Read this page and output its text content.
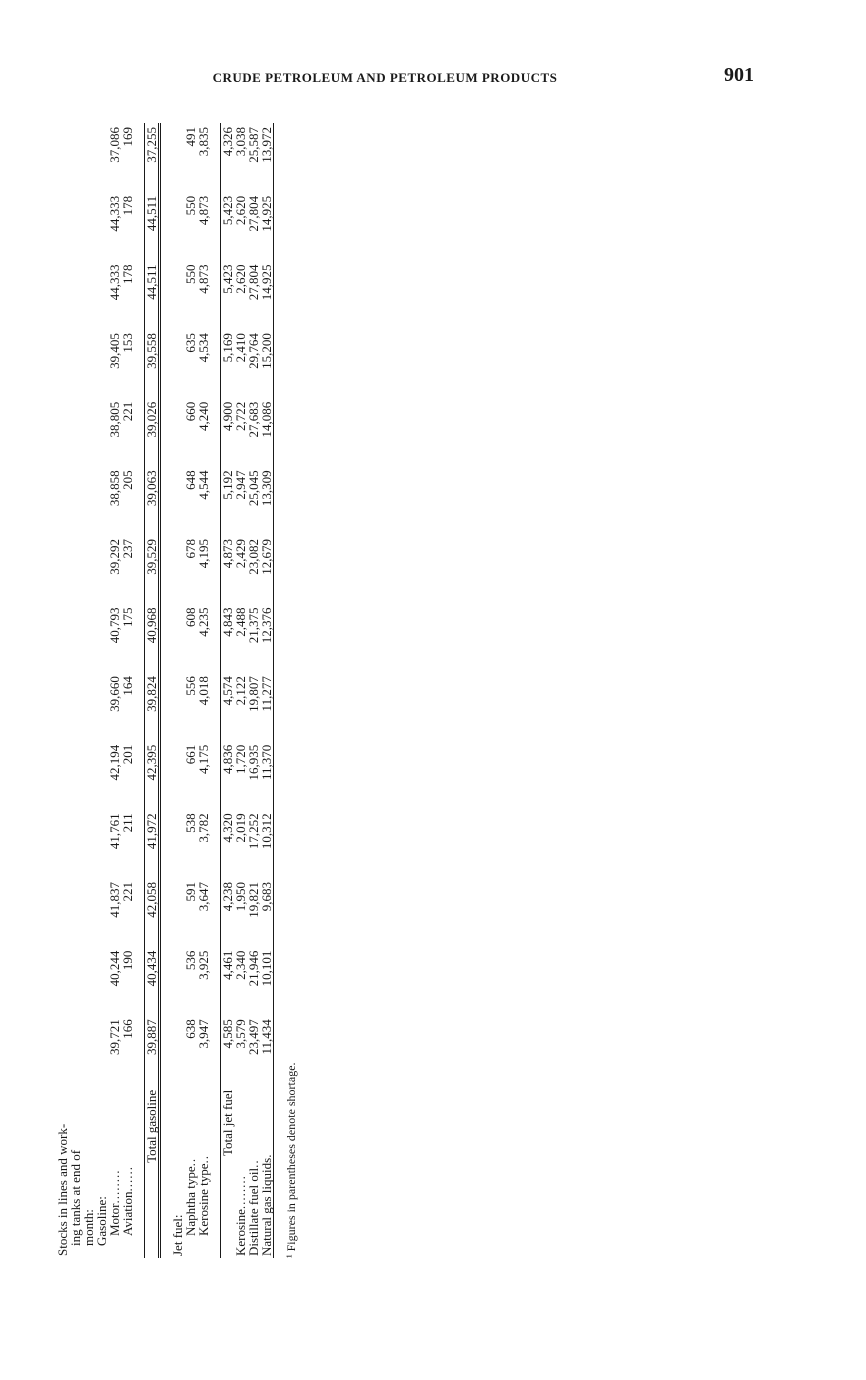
CRUDE PETROLEUM AND PETROLEUM PRODUCTS	901
Stocks in lines and work-
ing tanks at end of
month:
Gasoline:														
Motor........	39,721	40,244	41,837	41,761	42,194	39,660	40,793	39,292	38,858	38,805	39,405	44,333	44,333	37,086
Aviation......	166	190	221	211	201	164	175	237	205	221	153	178	178	169

Total gasoline	39,887	40,434	42,058	41,972	42,395	39,824	40,968	39,529	39,063	39,026	39,558	44,511	44,511	37,255

Jet fuel:														
Naphtha type..	638	536	591	538	661	556	608	678	648	660	635	550	550	491
Kerosine type..	3,947	3,925	3,647	3,782	4,175	4,018	4,235	4,195	4,544	4,240	4,534	4,873	4,873	3,835

Total jet fuel	4,585	4,461	4,238	4,320	4,836	4,574	4,843	4,873	5,192	4,900	5,169	5,423	5,423	4,326
Kerosine........	3,579	2,340	1,950	2,019	1,720	2,122	2,488	2,429	2,947	2,722	2,410	2,620	2,620	3,038
Distillate fuel oil..	23,497	21,946	19,821	17,252	16,935	19,807	21,375	23,082	25,045	27,683	29,764	27,804	27,804	25,587
Natural gas liquids.	11,434	10,101	9,683	10,312	11,370	11,277	12,376	12,679	13,309	14,086	15,200	14,925	14,925	13,972
¹ Figures in parentheses denote shortage.
